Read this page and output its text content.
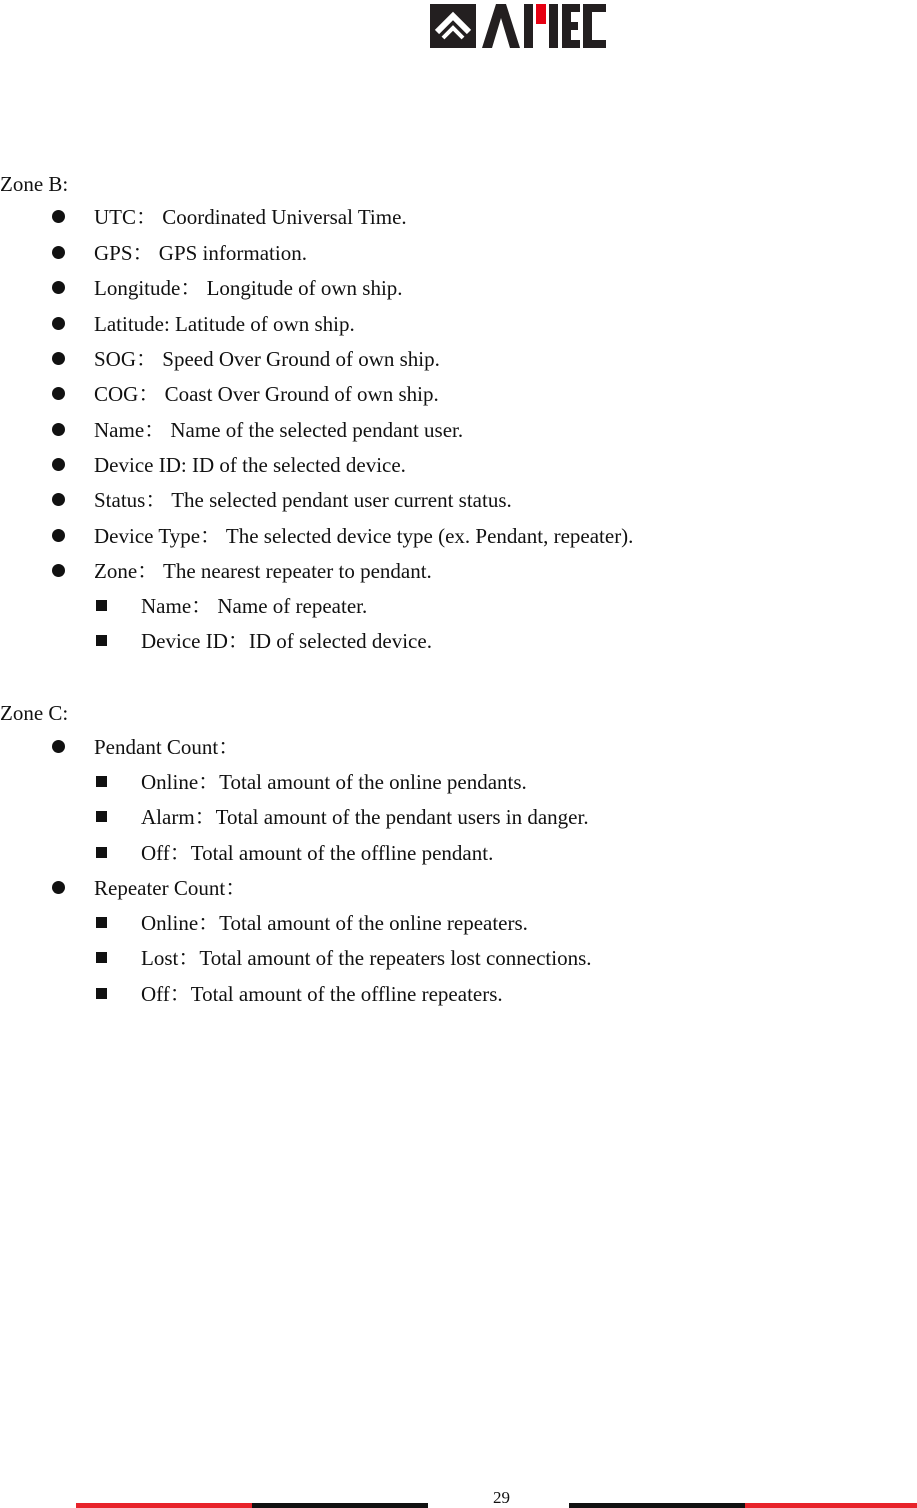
Zone B:
UTC： Coordinated Universal Time.
GPS： GPS information.
Longitude： Longitude of own ship.
Latitude: Latitude of own ship.
SOG： Speed Over Ground of own ship.
COG： Coast Over Ground of own ship.
Name： Name of the selected pendant user.
Device ID: ID of the selected device.
Status： The selected pendant user current status.
Device Type： The selected device type (ex. Pendant, repeater).
Zone： The nearest repeater to pendant.
Name： Name of repeater.
Device ID：ID of selected device.
Zone C:
Pendant Count：
Online：Total amount of the online pendants.
Alarm：Total amount of the pendant users in danger.
Off：Total amount of the offline pendant.
Repeater Count：
Online：Total amount of the online repeaters.
Lost：Total amount of the repeaters lost connections.
Off：Total amount of the offline repeaters.
29
